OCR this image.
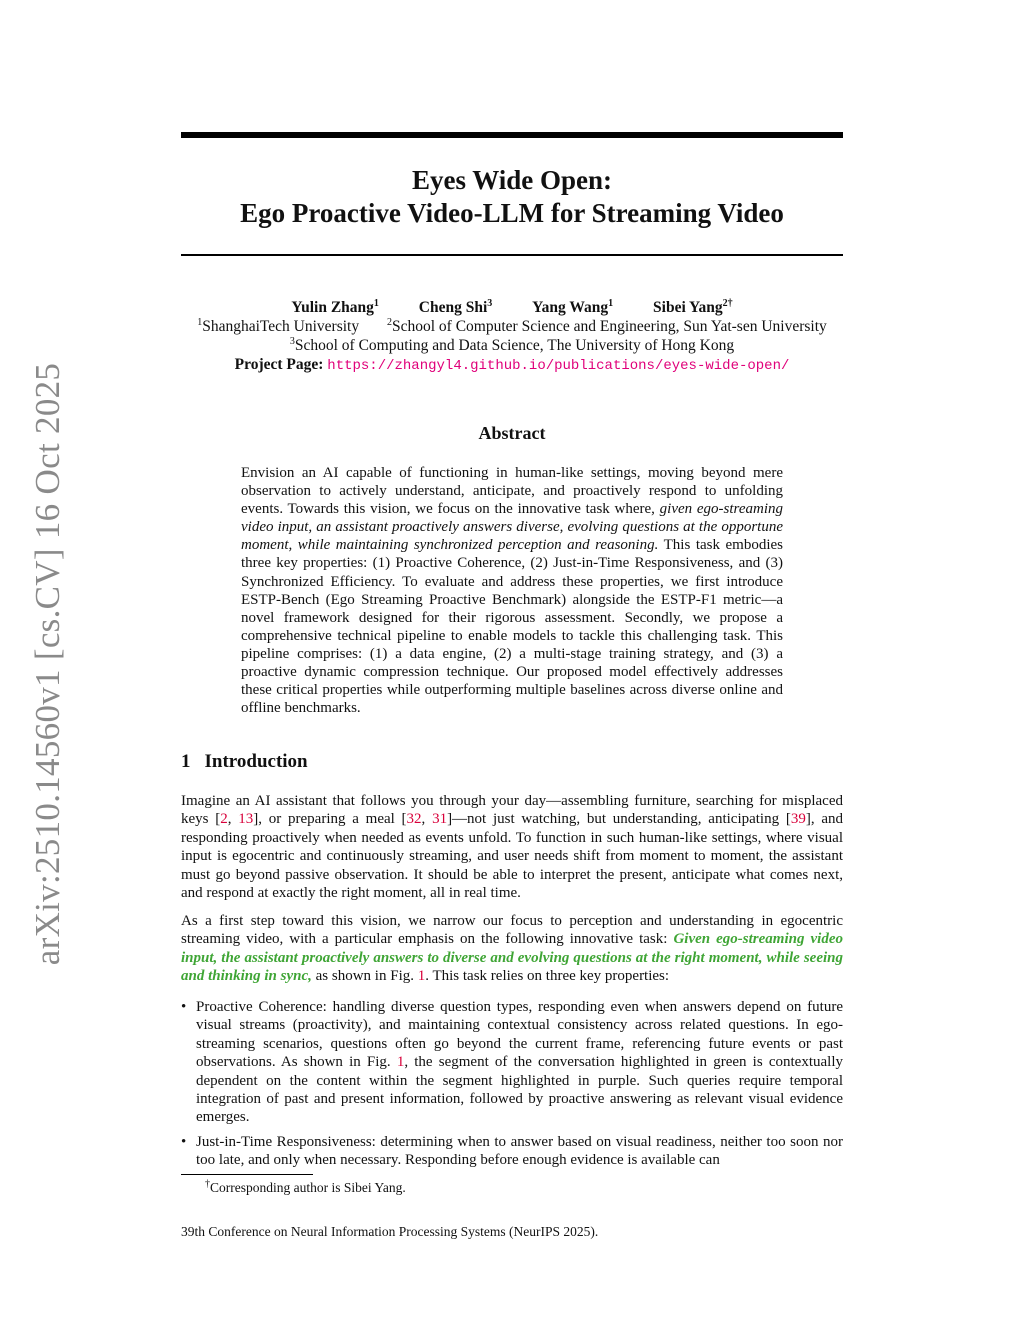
arXiv:2510.14560v1 [cs.CV] 16 Oct 2025
Eyes Wide Open:
Ego Proactive Video-LLM for Streaming Video
Yulin Zhang$^1$	Cheng Shi$^3$	Yang Wang$^1$	Sibei Yang$^{2\dagger}$
$^1$ShanghaiTech University	$^2$School of Computer Science and Engineering, Sun Yat-sen University
$^3$School of Computing and Data Science, The University of Hong Kong
Project Page: https://zhangyl4.github.io/publications/eyes-wide-open/
Abstract
Envision an AI capable of functioning in human-like settings, moving beyond mere observation to actively understand, anticipate, and proactively respond to unfolding events. Towards this vision, we focus on the innovative task where, given ego-streaming video input, an assistant proactively answers diverse, evolving questions at the opportune moment, while maintaining synchronized perception and reasoning. This task embodies three key properties: (1) Proactive Coherence, (2) Just-in-Time Responsiveness, and (3) Synchronized Efficiency. To evaluate and address these properties, we first introduce ESTP-Bench (Ego Streaming Proactive Benchmark) alongside the ESTP-F1 metric—a novel framework designed for their rigorous assessment. Secondly, we propose a comprehensive technical pipeline to enable models to tackle this challenging task. This pipeline comprises: (1) a data engine, (2) a multi-stage training strategy, and (3) a proactive dynamic compression technique. Our proposed model effectively addresses these critical properties while outperforming multiple baselines across diverse online and offline benchmarks.
1 Introduction
Imagine an AI assistant that follows you through your day—assembling furniture, searching for misplaced keys [2, 13], or preparing a meal [32, 31]—not just watching, but understanding, anticipating [39], and responding proactively when needed as events unfold. To function in such human-like settings, where visual input is egocentric and continuously streaming, and user needs shift from moment to moment, the assistant must go beyond passive observation. It should be able to interpret the present, anticipate what comes next, and respond at exactly the right moment, all in real time.
As a first step toward this vision, we narrow our focus to perception and understanding in egocentric streaming video, with a particular emphasis on the following innovative task: Given ego-streaming video input, the assistant proactively answers to diverse and evolving questions at the right moment, while seeing and thinking in sync, as shown in Fig. 1. This task relies on three key properties:
• Proactive Coherence: handling diverse question types, responding even when answers depend on future visual streams (proactivity), and maintaining contextual consistency across related questions. In ego-streaming scenarios, questions often go beyond the current frame, referencing future events or past observations. As shown in Fig. 1, the segment of the conversation highlighted in green is contextually dependent on the content within the segment highlighted in purple. Such queries require temporal integration of past and present information, followed by proactive answering as relevant visual evidence emerges.
• Just-in-Time Responsiveness: determining when to answer based on visual readiness, neither too soon nor too late, and only when necessary. Responding before enough evidence is available can
†Corresponding author is Sibei Yang.
39th Conference on Neural Information Processing Systems (NeurIPS 2025).
